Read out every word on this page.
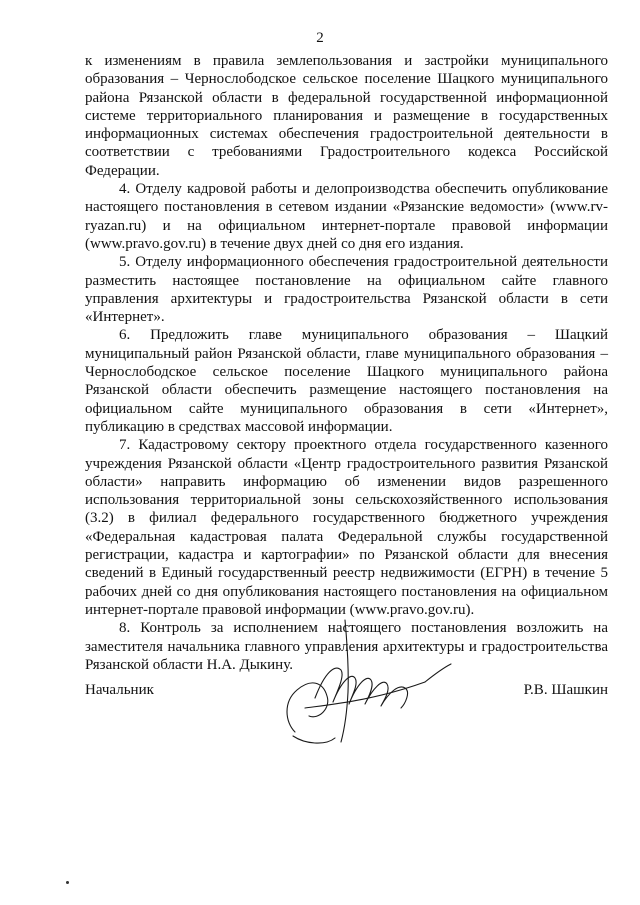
2

к изменениям в правила землепользования и застройки муниципального образования – Чернослободское сельское поселение Шацкого муниципального района Рязанской области в федеральной государственной информационной системе территориального планирования и размещение в государственных информационных системах обеспечения градостроительной деятельности в соответствии с требованиями Градостроительного кодекса Российской Федерации.

4. Отделу кадровой работы и делопроизводства обеспечить опубликование настоящего постановления в сетевом издании «Рязанские ведомости» (www.rv-ryazan.ru) и на официальном интернет-портале правовой информации (www.pravo.gov.ru) в течение двух дней со дня его издания.

5. Отделу информационного обеспечения градостроительной деятельности разместить настоящее постановление на официальном сайте главного управления архитектуры и градостроительства Рязанской области в сети «Интернет».

6. Предложить главе муниципального образования – Шацкий муниципальный район Рязанской области, главе муниципального образования – Чернослободское сельское поселение Шацкого муниципального района Рязанской области обеспечить размещение настоящего постановления на официальном сайте муниципального образования в сети «Интернет», публикацию в средствах массовой информации.

7. Кадастровому сектору проектного отдела государственного казенного учреждения Рязанской области «Центр градостроительного развития Рязанской области» направить информацию об изменении видов разрешенного использования территориальной зоны сельскохозяйственного использования (3.2) в филиал федерального государственного бюджетного учреждения «Федеральная кадастровая палата Федеральной службы государственной регистрации, кадастра и картографии» по Рязанской области для внесения сведений в Единый государственный реестр недвижимости (ЕГРН) в течение 5 рабочих дней со дня опубликования настоящего постановления на официальном интернет-портале правовой информации (www.pravo.gov.ru).

8. Контроль за исполнением настоящего постановления возложить на заместителя начальника главного управления архитектуры и градостроительства Рязанской области Н.А. Дыкину.

Начальник	Р.В. Шашкин
